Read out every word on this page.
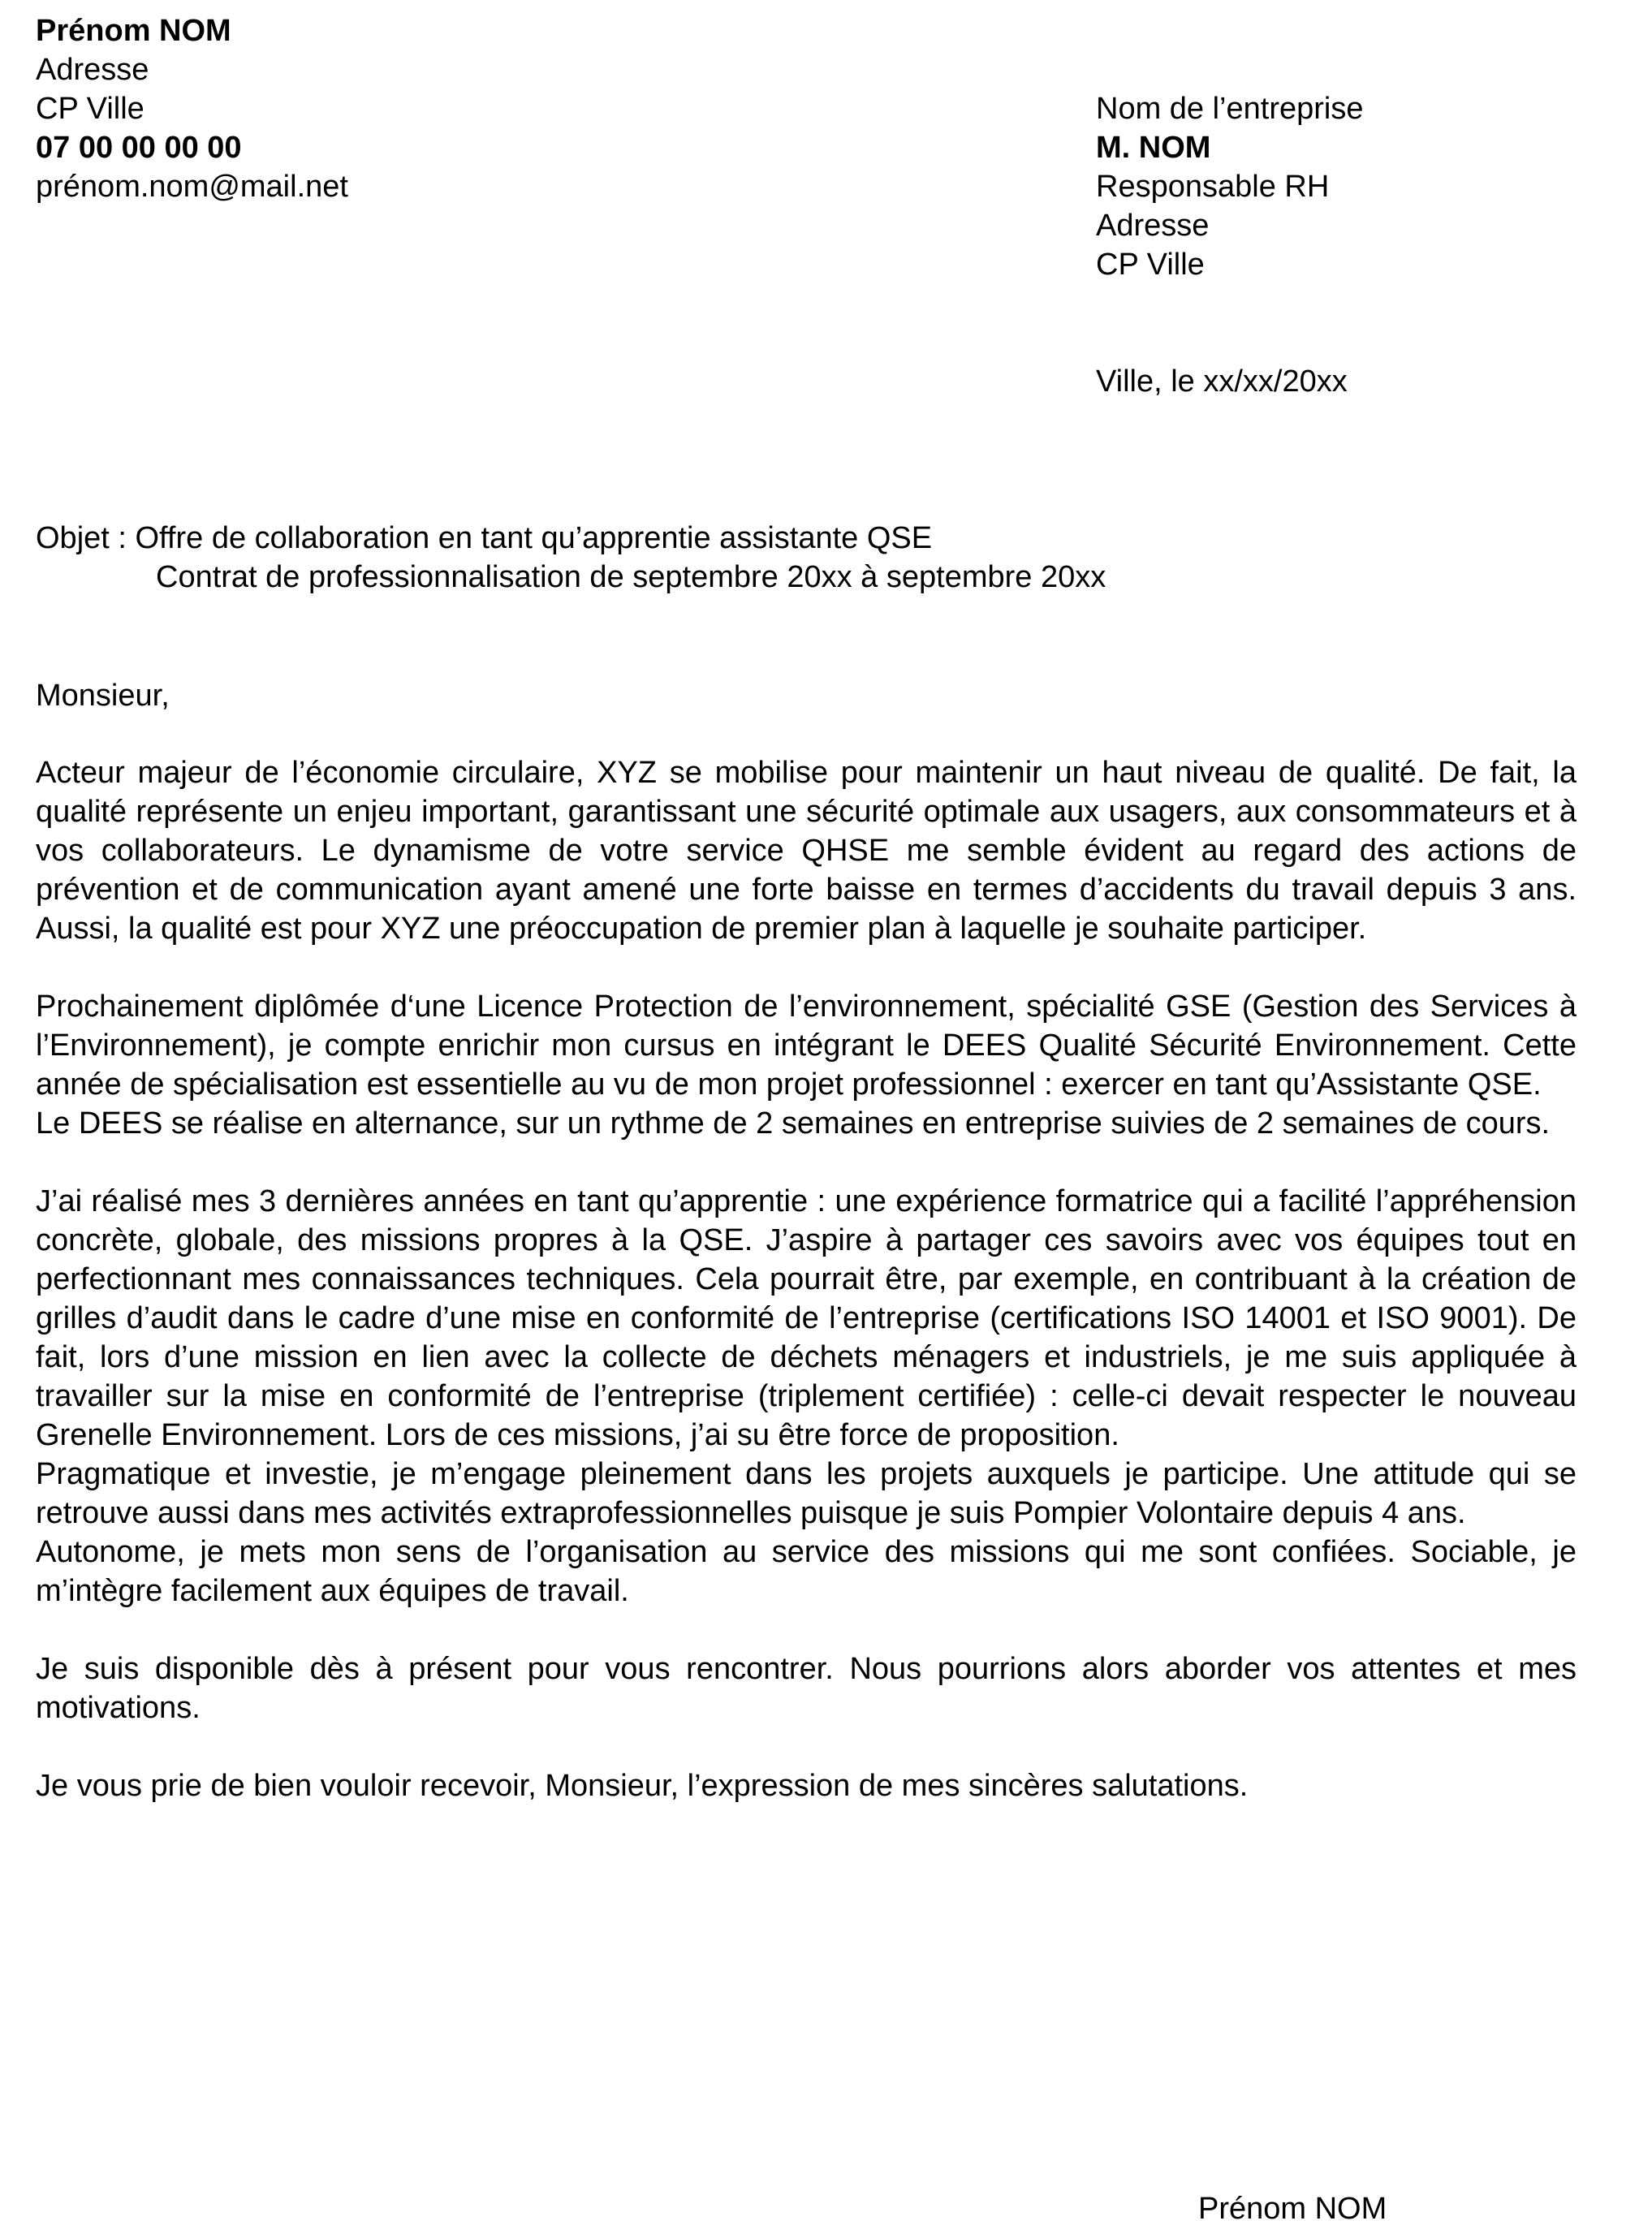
Prénom NOM
Adresse
CP Ville
07 00 00 00 00
prénom.nom@mail.net
Nom de l’entreprise
M. NOM
Responsable RH
Adresse
CP Ville
Ville, le xx/xx/20xx
Objet : Offre de collaboration en tant qu’apprentie assistante QSE
Contrat de professionnalisation de septembre 20xx à septembre 20xx
Monsieur,

Acteur majeur de l’économie circulaire, XYZ se mobilise pour maintenir un haut niveau de qualité. De fait, la qualité représente un enjeu important, garantissant une sécurité optimale aux usagers, aux consommateurs et à vos collaborateurs. Le dynamisme de votre service QHSE me semble évident au regard des actions de prévention et de communication ayant amené une forte baisse en termes d’accidents du travail depuis 3 ans. Aussi, la qualité est pour XYZ une préoccupation de premier plan à laquelle je souhaite participer.

Prochainement diplômée d‘une Licence Protection de l’environnement, spécialité GSE (Gestion des Services à l’Environnement), je compte enrichir mon cursus en intégrant le DEES Qualité Sécurité Environnement. Cette année de spécialisation est essentielle au vu de mon projet professionnel : exercer en tant qu’Assistante QSE.

Le DEES se réalise en alternance, sur un rythme de 2 semaines en entreprise suivies de 2 semaines de cours.

J’ai réalisé mes 3 dernières années en tant qu’apprentie : une expérience formatrice qui a facilité l’appréhension concrète, globale, des missions propres à la QSE. J’aspire à partager ces savoirs avec vos équipes tout en perfectionnant mes connaissances techniques. Cela pourrait être, par exemple, en contribuant à la création de grilles d’audit dans le cadre d’une mise en conformité de l’entreprise (certifications ISO 14001 et ISO 9001). De fait, lors d’une mission en lien avec la collecte de déchets ménagers et industriels, je me suis appliquée à travailler sur la mise en conformité de l’entreprise (triplement certifiée) : celle-ci devait respecter le nouveau Grenelle Environnement. Lors de ces missions, j’ai su être force de proposition.

Pragmatique et investie, je m’engage pleinement dans les projets auxquels je participe. Une attitude qui se retrouve aussi dans mes activités extraprofessionnelles puisque je suis Pompier Volontaire depuis 4 ans.

Autonome, je mets mon sens de l’organisation au service des missions qui me sont confiées. Sociable, je m’intègre facilement aux équipes de travail.

Je suis disponible dès à présent pour vous rencontrer. Nous pourrions alors aborder vos attentes et mes motivations.

Je vous prie de bien vouloir recevoir, Monsieur, l’expression de mes sincères salutations.

Prénom NOM
